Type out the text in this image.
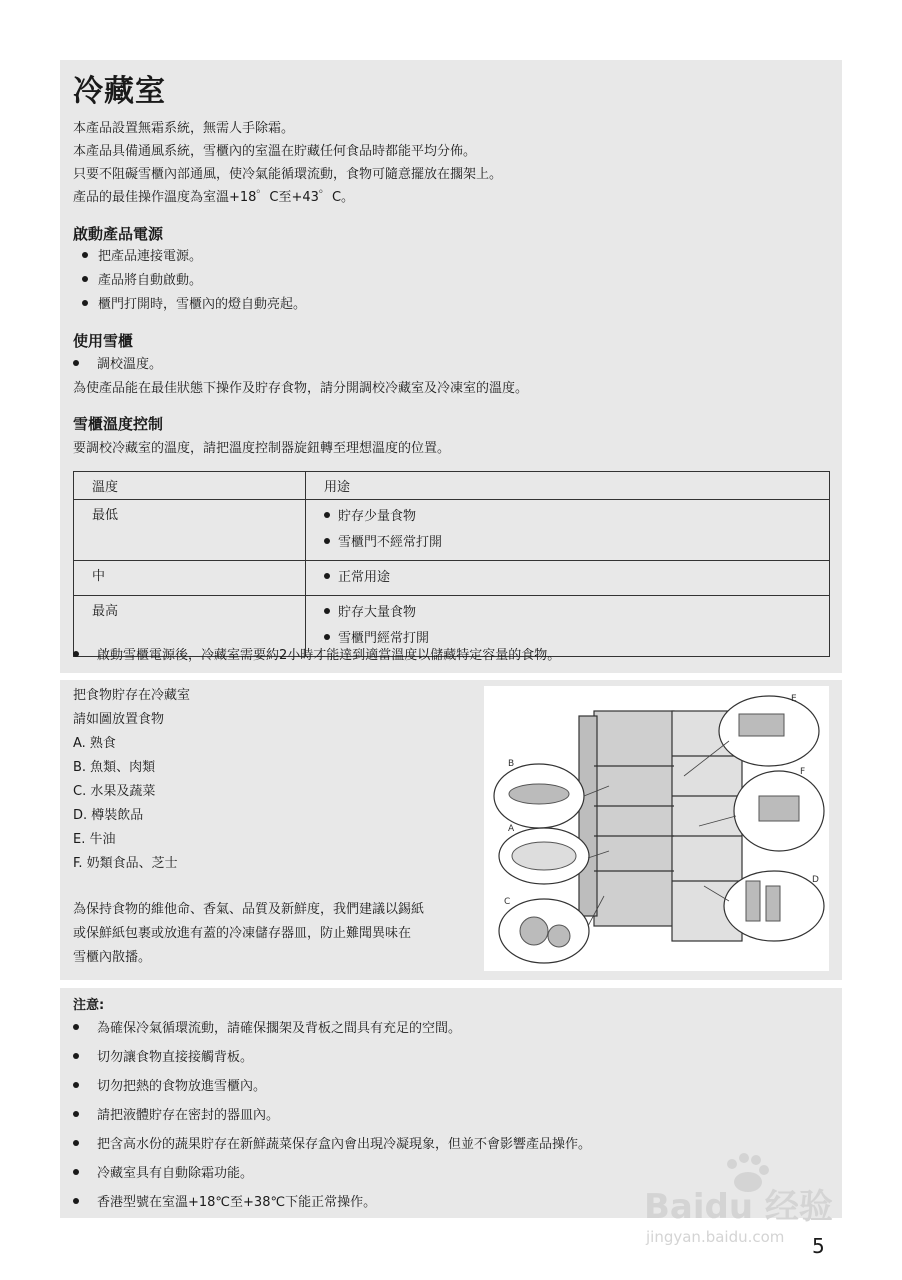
冷藏室
本產品設置無霜系統，無需人手除霜。
本產品具備通風系統，雪櫃內的室溫在貯藏任何食品時都能平均分佈。
只要不阻礙雪櫃內部通風，使冷氣能循環流動，食物可隨意擺放在擱架上。
產品的最佳操作溫度為室溫+18゜C至+43゜C。
啟動產品電源
把產品連接電源。
產品將自動啟動。
櫃門打開時，雪櫃內的燈自動亮起。
使用雪櫃
調校溫度。
為使產品能在最佳狀態下操作及貯存食物，請分開調校冷藏室及冷凍室的溫度。
雪櫃溫度控制
要調校冷藏室的溫度，請把溫度控制器旋鈕轉至理想溫度的位置。
溫度	用途
最低	貯存少量食物
雪櫃門不經常打開

中	正常用途

最高	貯存大量食物
雪櫃門經常打開
啟動雪櫃電源後，冷藏室需要約2小時才能達到適當溫度以儲藏特定容量的食物。
把食物貯存在冷藏室
請如圖放置食物
A. 熟食
B. 魚類、肉類
C. 水果及蔬菜
D. 樽裝飲品
E. 牛油
F. 奶類食品、芝士
為保持食物的維他命、香氣、品質及新鮮度，我們建議以錫紙
或保鮮紙包裹或放進有蓋的冷凍儲存器皿，防止難聞異味在
雪櫃內散播。
B
A
C
D
E
F
注意:
為確保冷氣循環流動，請確保擱架及背板之間具有充足的空間。
切勿讓食物直接接觸背板。
切勿把熱的食物放進雪櫃內。
請把液體貯存在密封的器皿內。
把含高水份的蔬果貯存在新鮮蔬菜保存盒內會出現冷凝現象，但並不會影響產品操作。
冷藏室具有自動除霜功能。
香港型號在室溫+18℃至+38℃下能正常操作。	Baidu 经验
jingyan.baidu.com 5
